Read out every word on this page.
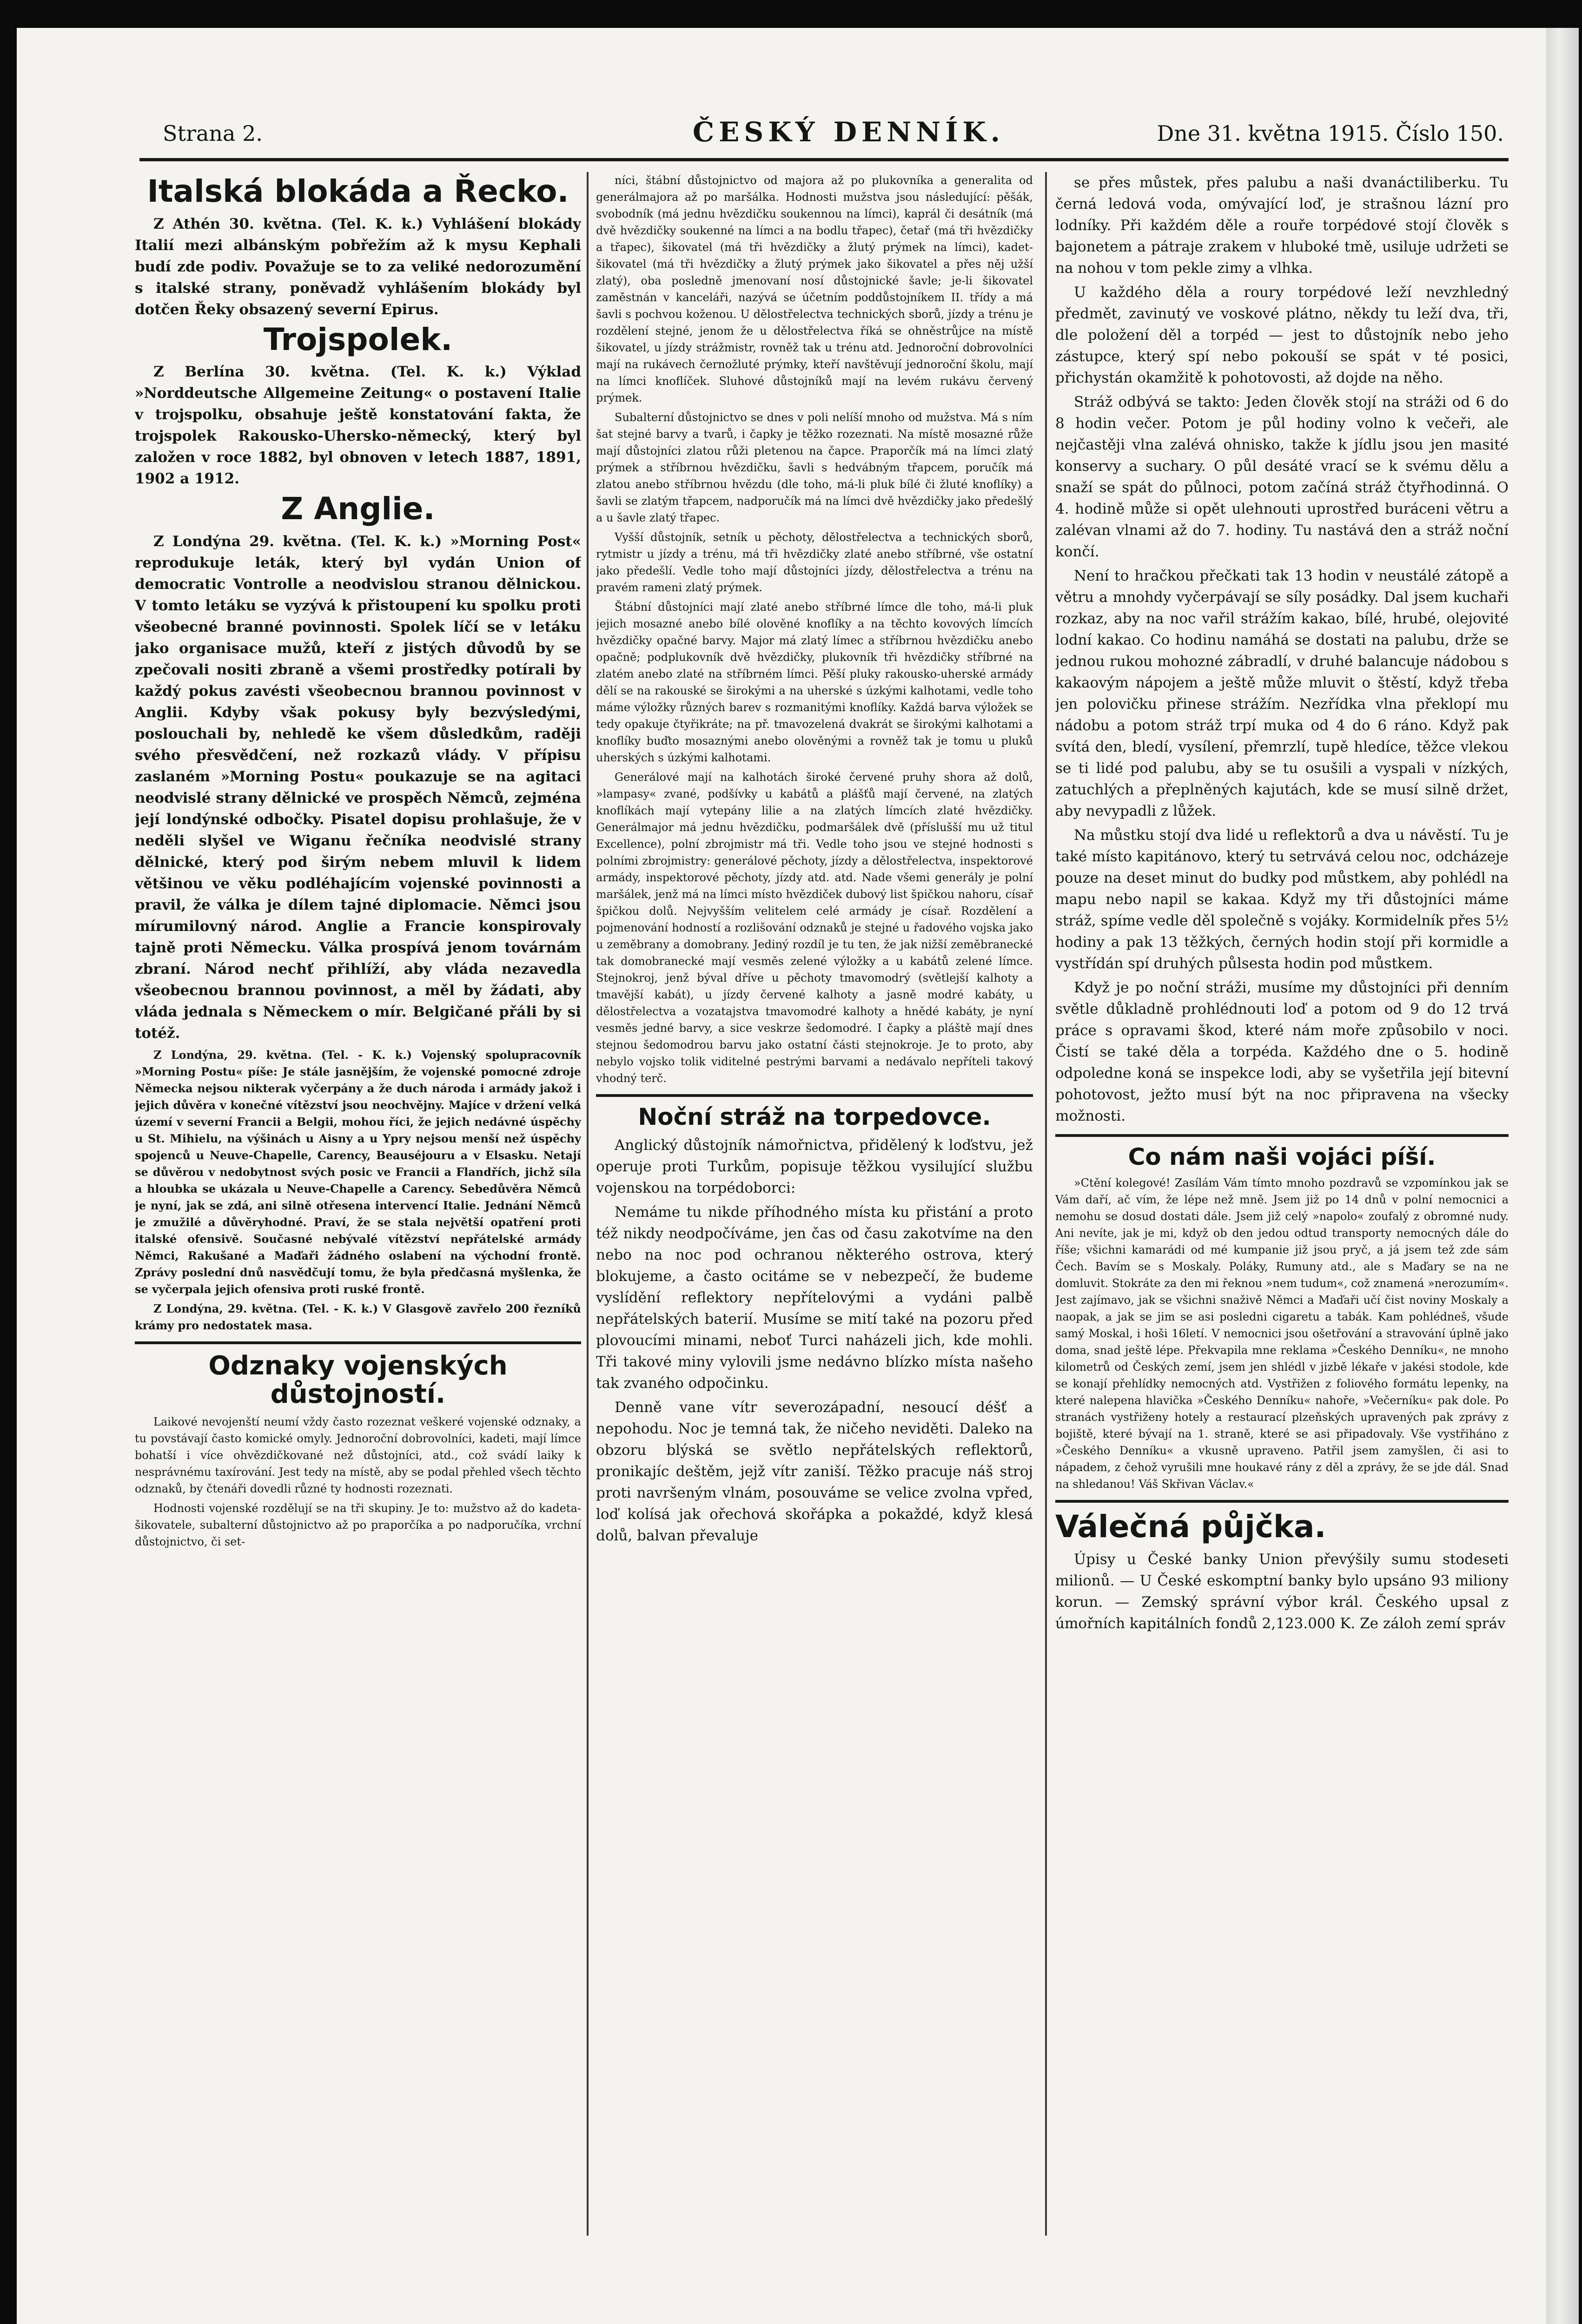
Strana 2.	ČESKÝ DENNÍK.	Dne 31. května 1915. Číslo 150.
Italská blokáda a Řecko.

Z Athén 30. května. (Tel. K. k.) Vyhlášení blokády Italií mezi albánským pobřežím až k mysu Kephali budí zde podiv. Považuje se to za veliké nedorozumění s italské strany, poněvadž vyhlášením blokády byl dotčen Řeky obsazený severní Epirus.

Trojspolek.

Z Berlína 30. května. (Tel. K. k.) Výklad »Norddeutsche Allgemeine Zeitung« o postavení Italie v trojspolku, obsahuje ještě konstatování fakta, že trojspolek Rakousko-Uhersko-německý, který byl založen v roce 1882, byl obnoven v letech 1887, 1891, 1902 a 1912.

Z Anglie.

Z Londýna 29. května. (Tel. K. k.) »Morning Post« reprodukuje leták, který byl vydán Union of democratic Vontrolle a neodvislou stranou dělnickou. V tomto letáku se vyzývá k přistoupení ku spolku proti všeobecné branné povinnosti. Spolek líčí se v letáku jako organisace mužů, kteří z jistých důvodů by se zpečovali nositi zbraně a všemi prostředky potírali by každý pokus zavésti všeobecnou brannou povinnost v Anglii. Kdyby však pokusy byly bezvýsledými, poslouchali by, nehledě ke všem důsledkům, raději svého přesvědčení, než rozkazů vlády. V přípisu zaslaném »Morning Postu« poukazuje se na agitaci neodvislé strany dělnické ve prospěch Němců, zejména její londýnské odbočky. Pisatel dopisu prohlašuje, že v neděli slyšel ve Wiganu řečníka neodvislé strany dělnické, který pod širým nebem mluvil k lidem většinou ve věku podléhajícím vojenské povinnosti a pravil, že válka je dílem tajné diplomacie. Němci jsou mírumilovný národ. Anglie a Francie konspirovaly tajně proti Německu. Válka prospívá jenom továrnám zbraní. Národ nechť přihlíží, aby vláda nezavedla všeobecnou brannou povinnost, a měl by žádati, aby vláda jednala s Německem o mír. Belgičané přáli by si totéž.

Z Londýna, 29. května. (Tel. - K. k.) Vojenský spolupracovník »Morning Postu« píše: Je stále jasnějším, že vojenské pomocné zdroje Německa nejsou nikterak vyčerpány a že duch národa i armády jakož i jejich důvěra v konečné vítězství jsou neochvějny. Majíce v držení velká území v severní Francii a Belgii, mohou říci, že jejich nedávné úspěchy u St. Mihielu, na výšinách u Aisny a u Ypry nejsou menší než úspěchy spojenců u Neuve-Chapelle, Carency, Beauséjouru a v Elsasku. Netají se důvěrou v nedobytnost svých posic ve Francii a Flandřích, jichž síla a hloubka se ukázala u Neuve-Chapelle a Carency. Sebedůvěra Němců je nyní, jak se zdá, ani silně otřesena intervencí Italie. Jednání Němců je zmužilé a důvěryhodné. Praví, že se stala největší opatření proti italské ofensivě. Současné nebývalé vítězství nepřátelské armády Němci, Rakušané a Maďaři žádného oslabení na východní frontě. Zprávy poslední dnů nasvědčují tomu, že byla předčasná myšlenka, že se vyčerpala jejich ofensiva proti ruské frontě.

Z Londýna, 29. května. (Tel. - K. k.) V Glasgově zavřelo 200 řezníků krámy pro nedostatek masa.

Odznaky vojenských důstojností.

Laikové nevojenští neumí vždy často rozeznat veškeré vojenské odznaky, a tu povstávají často komické omyly. Jednoroční dobrovolníci, kadeti, mají límce bohatší i více ohvězdičkované než důstojníci, atd., což svádí laiky k nesprávnému taxírování. Jest tedy na místě, aby se podal přehled všech těchto odznaků, by čtenáři dovedli různé ty hodnosti rozeznati.

Hodnosti vojenské rozdělují se na tři skupiny. Je to: mužstvo až do kadeta-šikovatele, subalterní důstojnictvo až po praporčíka a po nadporučíka, vrchní důstojnictvo, či set-

níci, štábní důstojnictvo od majora až po plukovníka a generalita od generálmajora až po maršálka. Hodnosti mužstva jsou následující: pěšák, svobodník (má jednu hvězdičku soukennou na límci), kaprál či desátník (má dvě hvězdičky soukenné na límci a na bodlu třapec), četař (má tři hvězdičky a třapec), šikovatel (má tři hvězdičky a žlutý prýmek na límci), kadet-šikovatel (má tři hvězdičky a žlutý prýmek jako šikovatel a přes něj užší zlatý), oba posledně jmenovaní nosí důstojnické šavle; je-li šikovatel zaměstnán v kanceláři, nazývá se účetním poddůstojníkem II. třídy a má šavli s pochvou koženou. U dělostřelectva technických sborů, jízdy a trénu je rozdělení stejné, jenom že u dělostřelectva říká se ohněstrůjce na místě šikovatel, u jízdy strážmistr, rovněž tak u trénu atd. Jednoroční dobrovolníci mají na rukávech černožluté prýmky, kteří navštěvují jednoroční školu, mají na límci knoflíček. Sluhové důstojníků mají na levém rukávu červený prýmek.

Subalterní důstojnictvo se dnes v poli nelíší mnoho od mužstva. Má s ním šat stejné barvy a tvarů, i čapky je těžko rozeznati. Na místě mosazné růže mají důstojníci zlatou růži pletenou na čapce. Praporčík má na límci zlatý prýmek a stříbrnou hvězdičku, šavli s hedvábným třapcem, poručík má zlatou anebo stříbrnou hvězdu (dle toho, má-li pluk bílé či žluté knoflíky) a šavli se zlatým třapcem, nadporučík má na límci dvě hvězdičky jako předešlý a u šavle zlatý třapec.

Vyšší důstojník, setník u pěchoty, dělostřelectva a technických sborů, rytmistr u jízdy a trénu, má tři hvězdičky zlaté anebo stříbrné, vše ostatní jako předešlí. Vedle toho mají důstojníci jízdy, dělostřelectva a trénu na pravém rameni zlatý prýmek.

Štábní důstojníci mají zlaté anebo stříbrné límce dle toho, má-li pluk jejich mosazné anebo bílé olověné knoflíky a na těchto kovových límcích hvězdičky opačné barvy. Major má zlatý límec a stříbrnou hvězdičku anebo opačně; podplukovník dvě hvězdičky, plukovník tři hvězdičky stříbrné na zlatém anebo zlaté na stříbrném límci. Pěší pluky rakousko-uherské armády dělí se na rakouské se širokými a na uherské s úzkými kalhotami, vedle toho máme výložky různých barev s rozmanitými knoflíky. Každá barva výložek se tedy opakuje čtyřikráte; na př. tmavozelená dvakrát se širokými kalhotami a knoflíky buďto mosaznými anebo olověnými a rovněž tak je tomu u pluků uherských s úzkými kalhotami.

Generálové mají na kalhotách široké červené pruhy shora až dolů, »lampasy« zvané, podšívky u kabátů a plášťů mají červené, na zlatých knoflíkách mají vytepány lilie a na zlatých límcích zlaté hvězdičky. Generálmajor má jednu hvězdičku, podmaršálek dvě (příslušší mu už titul Excellence), polní zbrojmistr má tři. Vedle toho jsou ve stejné hodnosti s polními zbrojmistry: generálové pěchoty, jízdy a dělostřelectva, inspektorové armády, inspektorové pěchoty, jízdy atd. atd. Nade všemi generály je polní maršálek, jenž má na límci místo hvězdiček dubový list špičkou nahoru, císař špičkou dolů. Nejvyšším velitelem celé armády je císař. Rozdělení a pojmenování hodností a rozlišování odznaků je stejné u řadového vojska jako u zeměbrany a domobrany. Jediný rozdíl je tu ten, že jak nižší zeměbranecké tak domobranecké mají vesměs zelené výložky a u kabátů zelené límce. Stejnokroj, jenž býval dříve u pěchoty tmavomodrý (světlejší kalhoty a tmavější kabát), u jízdy červené kalhoty a jasně modré kabáty, u dělostřelectva a vozatajstva tmavomodré kalhoty a hnědé kabáty, je nyní vesměs jedné barvy, a sice veskrze šedomodré. I čapky a pláště mají dnes stejnou šedomodrou barvu jako ostatní části stejnokroje. Je to proto, aby nebylo vojsko tolik viditelné pestrými barvami a nedávalo nepříteli takový vhodný terč.

Noční stráž na torpedovce.

Anglický důstojník námořnictva, přidělený k loďstvu, jež operuje proti Turkům, popisuje těžkou vysilující službu vojenskou na torpédoborci:

Nemáme tu nikde příhodného místa ku přistání a proto též nikdy neodpočíváme, jen čas od času zakotvíme na den nebo na noc pod ochranou některého ostrova, který blokujeme, a často ocitáme se v nebezpečí, že budeme vyslídění reflektory nepřítelovými a vydáni palbě nepřátelských baterií. Musíme se mití také na pozoru před plovoucími minami, neboť Turci naházeli jich, kde mohli. Tři takové miny vylovili jsme nedávno blízko místa našeho tak zvaného odpočinku.

Denně vane vítr severozápadní, nesoucí déšť a nepohodu. Noc je temná tak, že ničeho neviděti. Daleko na obzoru blýská se světlo nepřátelských reflektorů, pronikajíc deštěm, jejž vítr zaniší. Těžko pracuje náš stroj proti navršeným vlnám, posouváme se velice zvolna vpřed, loď kolísá jak ořechová skořápka a pokaždé, když klesá dolů, balvan převaluje

se přes můstek, přes palubu a naši dvanáctiliberku. Tu černá ledová voda, omývající loď, je strašnou lázní pro lodníky. Při každém děle a rouře torpédové stojí člověk s bajonetem a pátraje zrakem v hluboké tmě, usiluje udržeti se na nohou v tom pekle zimy a vlhka.

U každého děla a roury torpédové leží nevzhledný předmět, zavinutý ve voskové plátno, někdy tu leží dva, tři, dle položení děl a torpéd — jest to důstojník nebo jeho zástupce, který spí nebo pokouší se spát v té posici, přichystán okamžitě k pohotovosti, až dojde na něho.

Stráž odbývá se takto: Jeden člověk stojí na stráži od 6 do 8 hodin večer. Potom je půl hodiny volno k večeři, ale nejčastěji vlna zalévá ohnisko, takže k jídlu jsou jen masité konservy a suchary. O půl desáté vrací se k svému dělu a snaží se spát do půlnoci, potom začíná stráž čtyřhodinná. O 4. hodině může si opět ulehnouti uprostřed buráceni větru a zalévan vlnami až do 7. hodiny. Tu nastává den a stráž noční končí.

Není to hračkou přečkati tak 13 hodin v neustálé zátopě a větru a mnohdy vyčerpávají se síly posádky. Dal jsem kuchaři rozkaz, aby na noc vařil strážím kakao, bílé, hrubé, olejovité lodní kakao. Co hodinu namáhá se dostati na palubu, drže se jednou rukou mohozné zábradlí, v druhé balancuje nádobou s kakaovým nápojem a ještě může mluvit o štěstí, když třeba jen polovičku přinese strážím. Nezřídka vlna překlopí mu nádobu a potom stráž trpí muka od 4 do 6 ráno. Když pak svítá den, bledí, vysílení, přemrzlí, tupě hledíce, těžce vlekou se ti lidé pod palubu, aby se tu osušili a vyspali v nízkých, zatuchlých a přeplněných kajutách, kde se musí silně držet, aby nevypadli z lůžek.

Na můstku stojí dva lidé u reflektorů a dva u návěstí. Tu je také místo kapitánovo, který tu setrvává celou noc, odcházeje pouze na deset minut do budky pod můstkem, aby pohlédl na mapu nebo napil se kakaa. Když my tři důstojníci máme stráž, spíme vedle děl společně s vojáky. Kormidelník přes 5½ hodiny a pak 13 těžkých, černých hodin stojí při kormidle a vystřídán spí druhých půlsesta hodin pod můstkem.

Když je po noční stráži, musíme my důstojníci při denním světle důkladně prohlédnouti loď a potom od 9 do 12 trvá práce s opravami škod, které nám moře způsobilo v noci. Čistí se také děla a torpéda. Každého dne o 5. hodině odpoledne koná se inspekce lodi, aby se vyšetřila její bitevní pohotovost, ježto musí být na noc připravena na všecky možnosti.

Co nám naši vojáci píší.

»Ctění kolegové! Zasílám Vám tímto mnoho pozdravů se vzpomínkou jak se Vám daří, ač vím, že lépe než mně. Jsem již po 14 dnů v polní nemocnici a nemohu se dosud dostati dále. Jsem již celý »napolo« zoufalý z obromné nudy. Ani nevíte, jak je mi, když ob den jedou odtud transporty nemocných dále do říše; všichni kamarádi od mé kumpanie již jsou pryč, a já jsem tež zde sám Čech. Bavím se s Moskaly. Poláky, Rumuny atd., ale s Maďary se na ne domluvit. Stokráte za den mi řeknou »nem tudum«, což znamená »nerozumím«. Jest zajímavo, jak se všichni snaživě Němci a Maďaři učí čist noviny Moskaly a naopak, a jak se jim se asi posledni cigaretu a tabák. Kam pohlédneš, všude samý Moskal, i hoši 16letí. V nemocnici jsou ošetřování a stravování úplně jako doma, snad ještě lépe. Překvapila mne reklama »Českého Denníku«, ne mnoho kilometrů od Českých zemí, jsem jen shlédl v jizbě lékaře v jakési stodole, kde se konají přehlídky nemocných atd. Vystřižen z foliového formátu lepenky, na které nalepena hlavička »Českého Denníku« nahoře, »Večerníku« pak dole. Po stranách vystřiženy hotely a restaurací plzeňských upravených pak zprávy z bojiště, které bývají na 1. straně, které se asi připadovaly. Vše vystřiháno z »Českého Denníku« a vkusně upraveno. Patřil jsem zamyšlen, či asi to nápadem, z čehož vyrušili mne houkavé rány z děl a zprávy, že se jde dál. Snad na shledanou! Váš Skřivan Václav.«

Válečná půjčka.

Úpisy u České banky Union převýšily sumu stodeseti milionů. — U České eskomptní banky bylo upsáno 93 miliony korun. — Zemský správní výbor král. Českého upsal z úmořních kapitálních fondů 2,123.000 K. Ze záloh zemí správ
